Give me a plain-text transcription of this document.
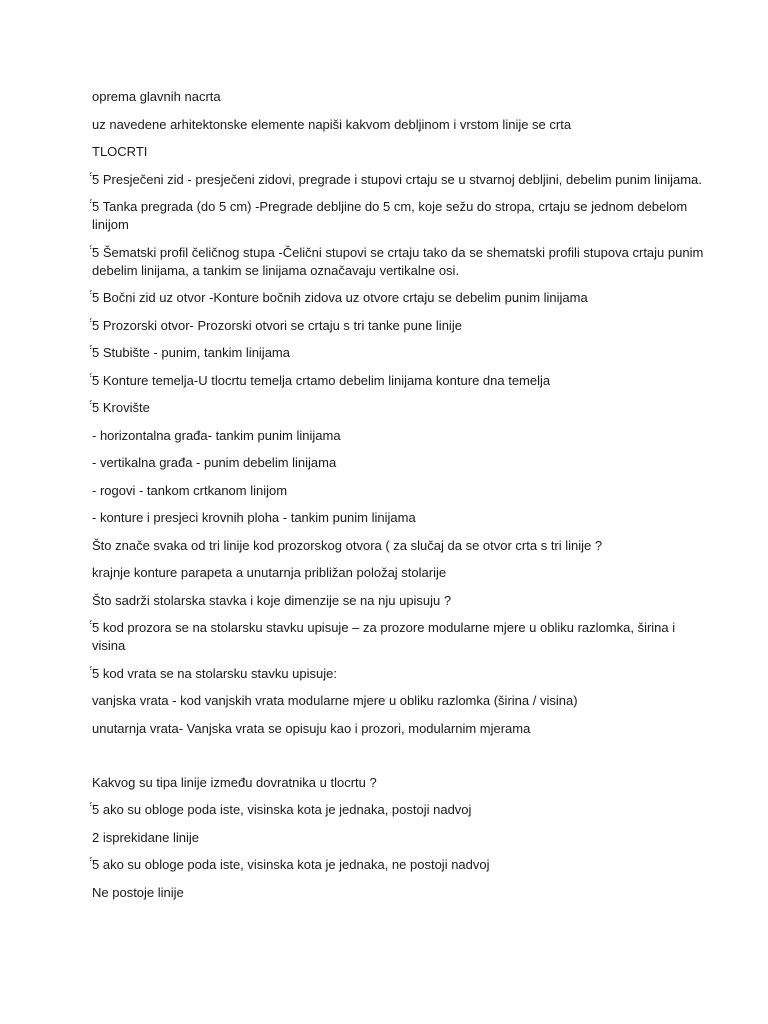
oprema glavnih nacrta

uz navedene arhitektonske elemente napiši kakvom debljinom i vrstom linije se crta

TLOCRTI

̈́5 Presječeni zid - presječeni zidovi, pregrade i stupovi crtaju se u stvarnoj debljini, debelim punim linijama.

̈́5 Tanka pregrada (do 5 cm) -Pregrade debljine do 5 cm, koje sežu do stropa, crtaju se jednom debelom linijom

̈́5 Šematski profil čeličnog stupa -Čelični stupovi se crtaju tako da se shematski profili stupova crtaju punim debelim linijama, a tankim se linijama označavaju vertikalne osi.

̈́5 Bočni zid uz otvor -Konture bočnih zidova uz otvore crtaju se debelim punim linijama

̈́5 Prozorski otvor- Prozorski otvori se crtaju s tri tanke pune linije

̈́5 Stubište - punim, tankim linijama

̈́5 Konture temelja-U tlocrtu temelja crtamo debelim linijama konture dna temelja

̈́5 Krovište

- horizontalna građa- tankim punim linijama

- vertikalna građa - punim debelim linijama

- rogovi - tankom crtkanom linijom

- konture i presjeci krovnih ploha - tankim punim linijama

Što znače svaka od tri linije kod prozorskog otvora ( za slučaj da se otvor crta s tri linije ?

krajnje konture parapeta a unutarnja približan položaj stolarije

Što sadrži stolarska stavka i koje dimenzije se na nju upisuju ?

̈́5 kod prozora se na stolarsku stavku upisuje – za prozore modularne mjere u obliku razlomka, širina i visina

̈́5 kod vrata se na stolarsku stavku upisuje:

vanjska vrata - kod vanjskih vrata modularne mjere u obliku razlomka (širina / visina)

unutarnja vrata- Vanjska vrata se opisuju kao i prozori, modularnim mjerama

Kakvog su tipa linije između dovratnika u tlocrtu ?

̈́5 ako su obloge poda iste, visinska kota je jednaka, postoji nadvoj

2 isprekidane linije

̈́5 ako su obloge poda iste, visinska kota je jednaka, ne postoji nadvoj

Ne postoje linije
